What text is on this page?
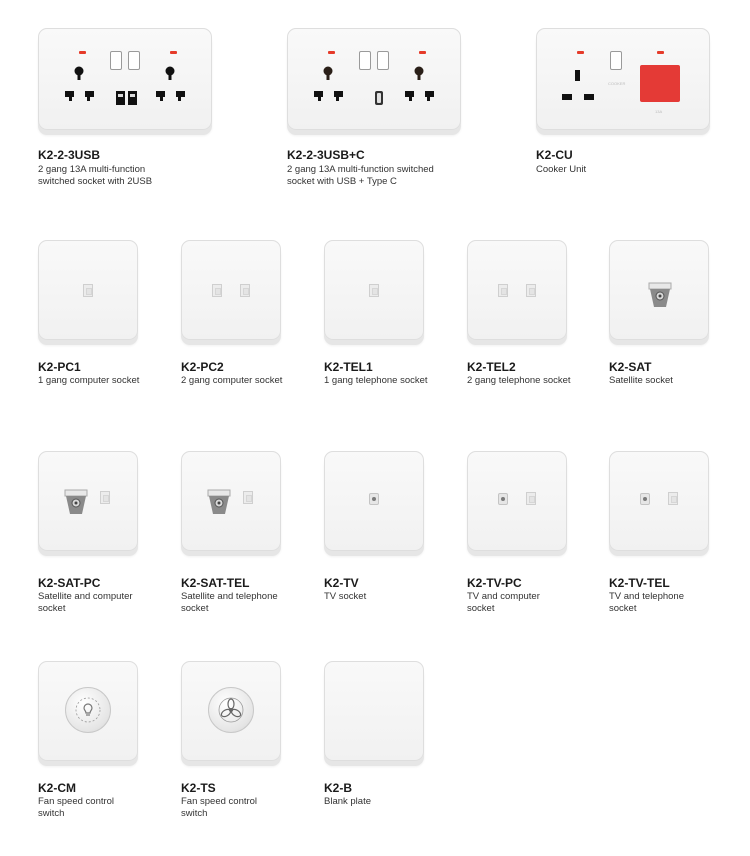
K2-2-3USB
2 gang 13A multi-function
switched socket with 2USB
K2-2-3USB+C
2 gang 13A multi-function switched
socket with USB + Type C
COOKER
13A
K2-CU
Cooker Unit
K2-PC1
1 gang computer socket
K2-PC2
2 gang computer socket
K2-TEL1
1 gang telephone socket
K2-TEL2
2 gang telephone socket
K2-SAT
Satellite socket
K2-SAT-PC
Satellite and computer
socket
K2-SAT-TEL
Satellite and telephone
socket
K2-TV
TV socket
K2-TV-PC
TV and computer
socket
K2-TV-TEL
TV and telephone
socket
K2-CM
Fan speed control
switch
K2-TS
Fan speed control
switch
K2-B
Blank plate
